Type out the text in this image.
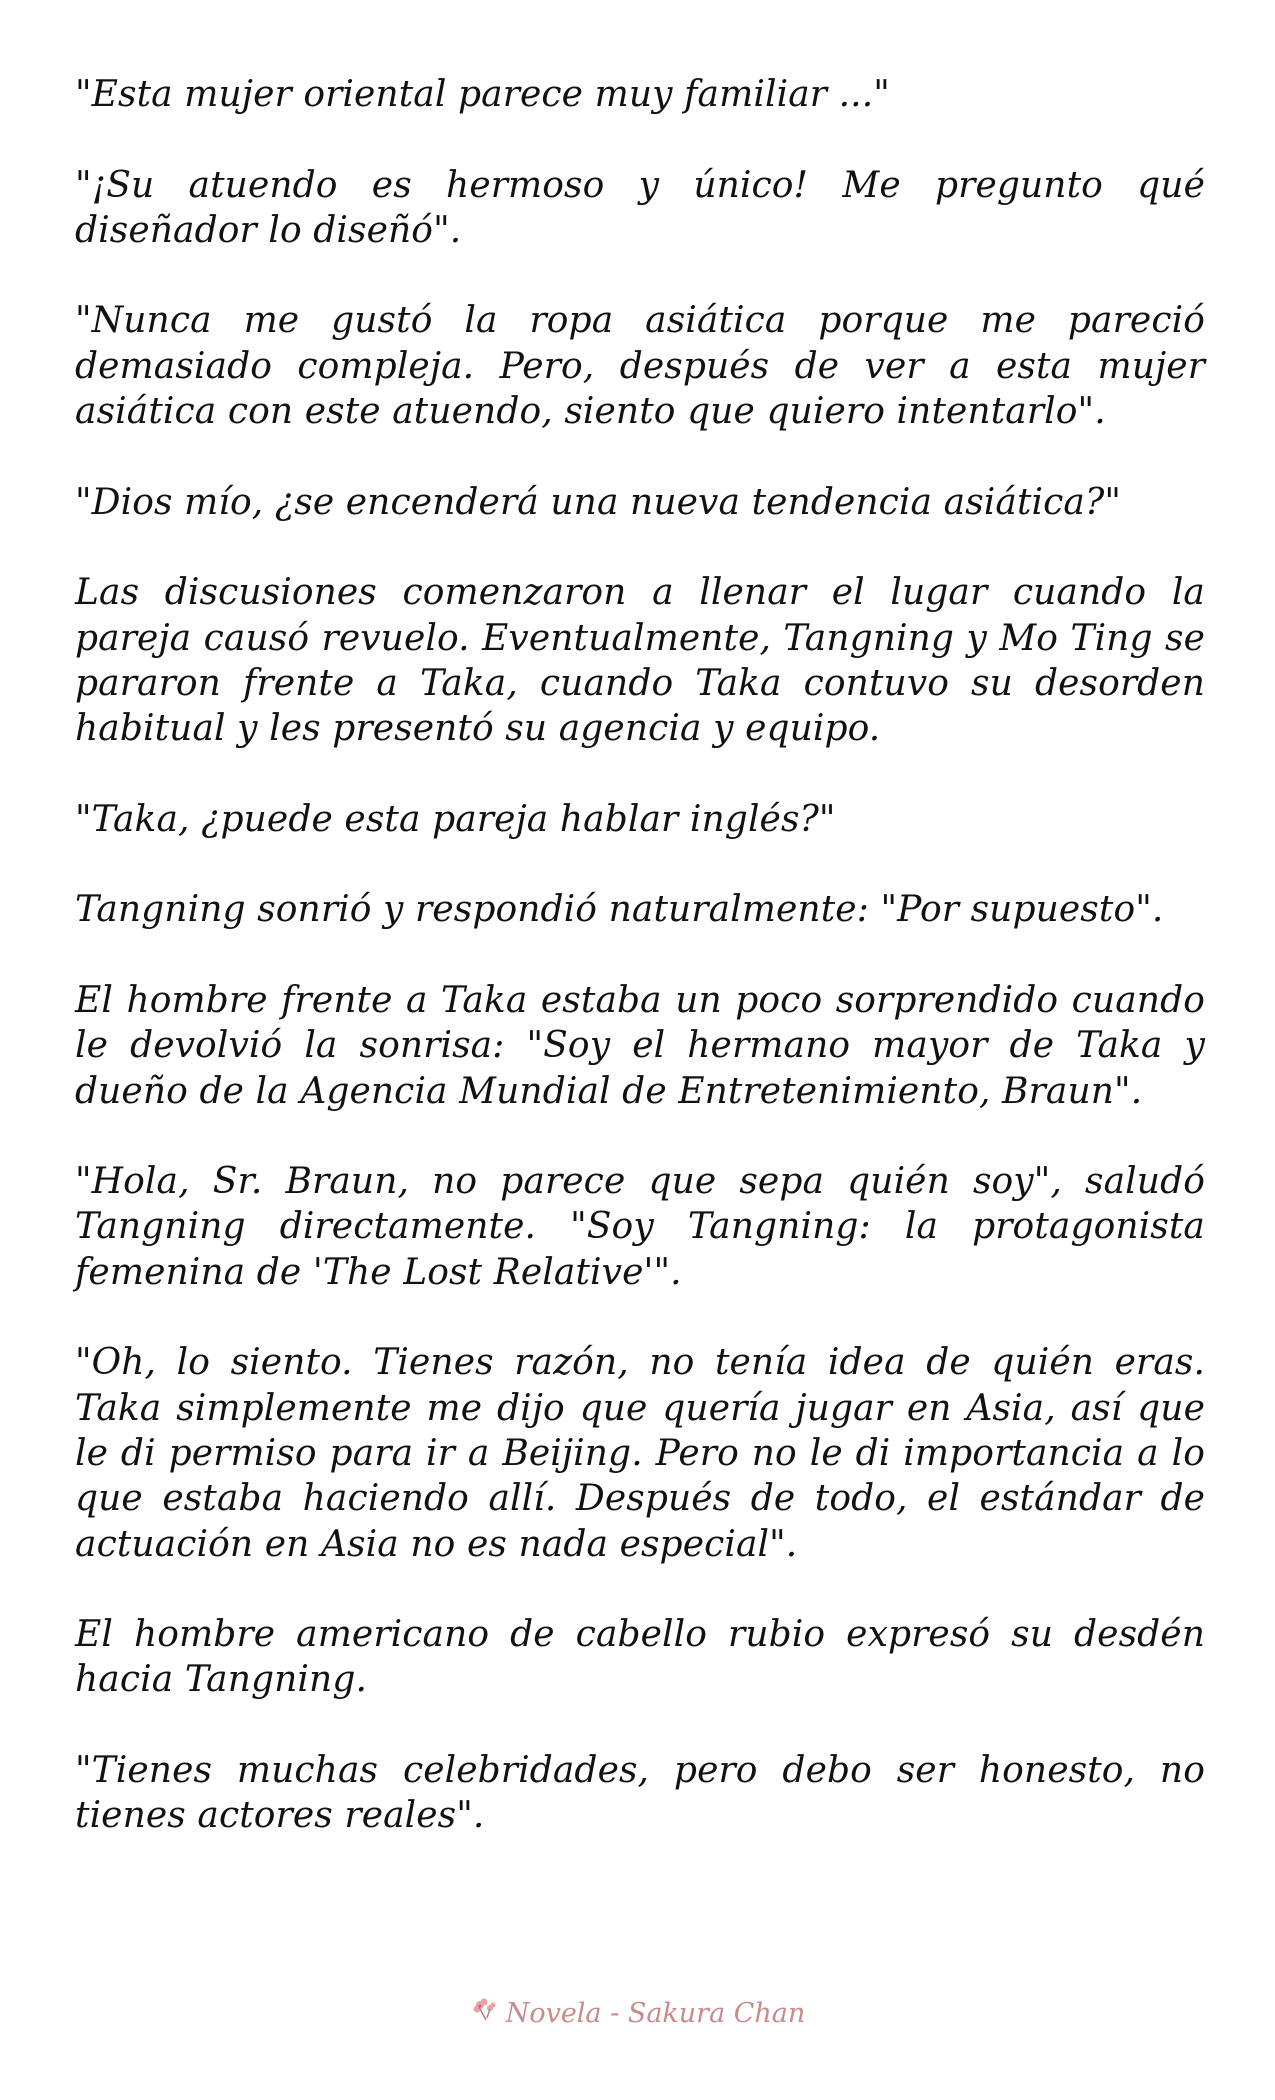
"Esta mujer oriental parece muy familiar ..."

"¡Su atuendo es hermoso y único! Me pregunto qué diseñador lo diseñó".

"Nunca me gustó la ropa asiática porque me pareció demasiado compleja. Pero, después de ver a esta mujer asiática con este atuendo, siento que quiero intentarlo".

"Dios mío, ¿se encenderá una nueva tendencia asiática?"

Las discusiones comenzaron a llenar el lugar cuando la pareja causó revuelo. Eventualmente, Tangning y Mo Ting se pararon frente a Taka, cuando Taka contuvo su desorden habitual y les presentó su agencia y equipo.

"Taka, ¿puede esta pareja hablar inglés?"

Tangning sonrió y respondió naturalmente: "Por supuesto".

El hombre frente a Taka estaba un poco sorprendido cuando le devolvió la sonrisa: "Soy el hermano mayor de Taka y dueño de la Agencia Mundial de Entretenimiento, Braun".

"Hola, Sr. Braun, no parece que sepa quién soy", saludó Tangning directamente. "Soy Tangning: la protagonista femenina de 'The Lost Relative'".

"Oh, lo siento. Tienes razón, no tenía idea de quién eras. Taka simplemente me dijo que quería jugar en Asia, así que le di permiso para ir a Beijing. Pero no le di importancia a lo que estaba haciendo allí. Después de todo, el estándar de actuación en Asia no es nada especial".

El hombre americano de cabello rubio expresó su desdén hacia Tangning.

"Tienes muchas celebridades, pero debo ser honesto, no tienes actores reales".

Novela - Sakura Chan
